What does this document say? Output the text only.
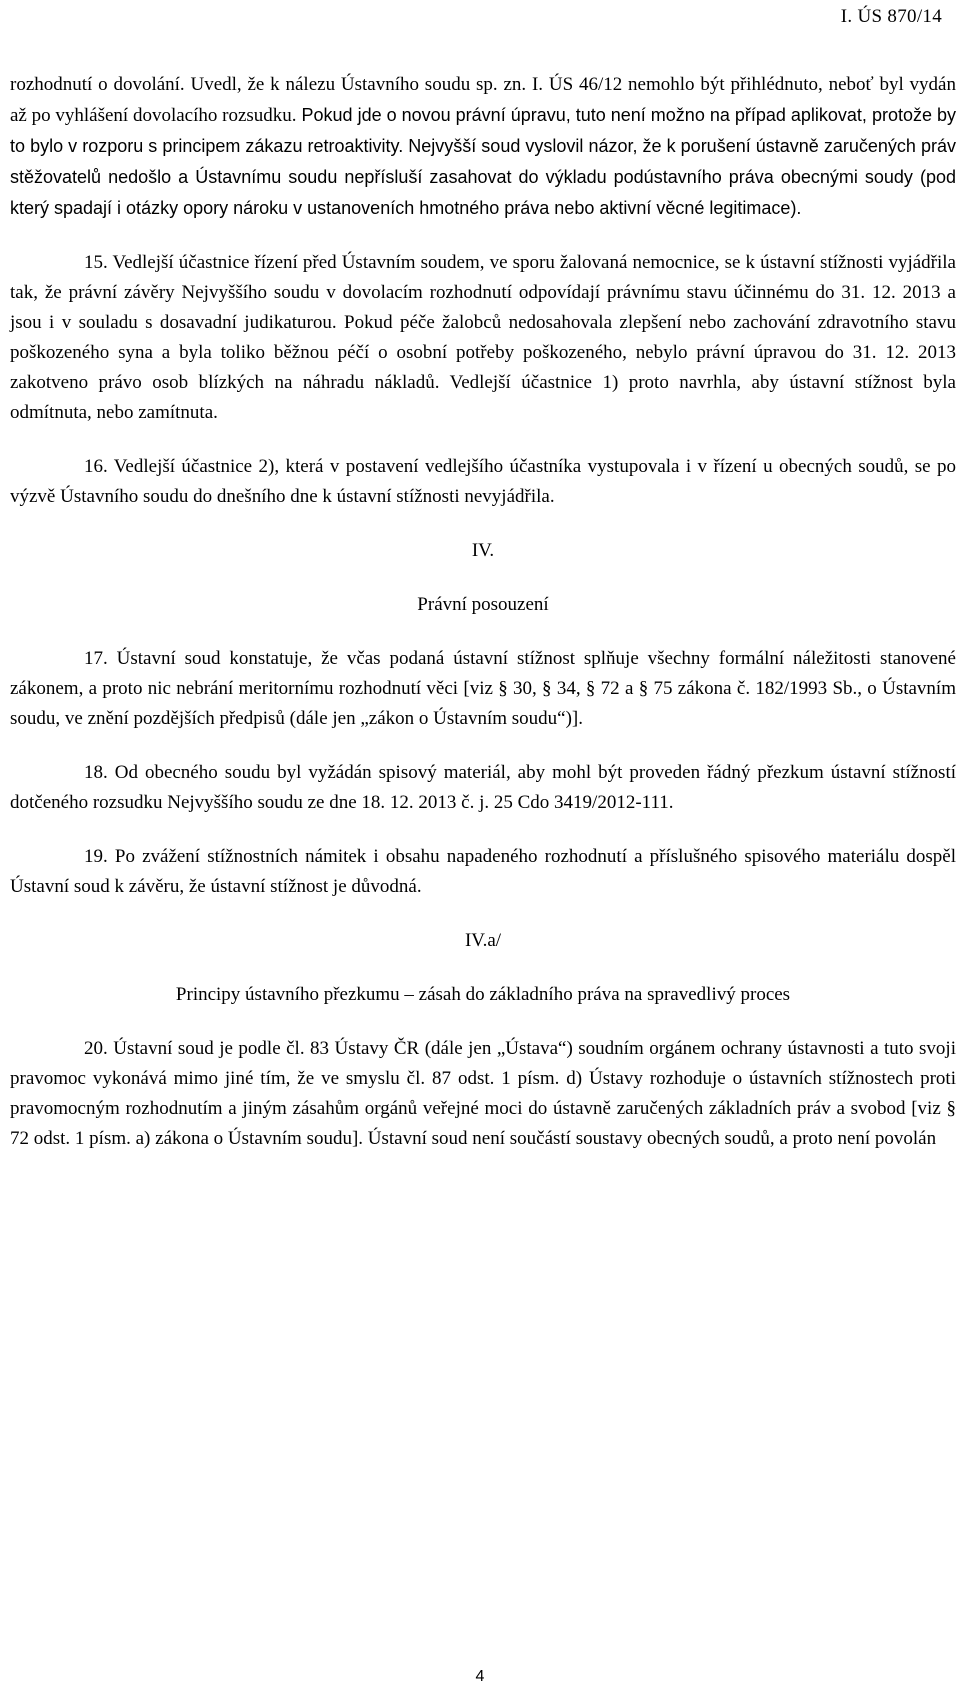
I. ÚS 870/14

rozhodnutí o dovolání. Uvedl, že k nálezu Ústavního soudu sp. zn. I. ÚS 46/12 nemohlo být přihlédnuto, neboť byl vydán až po vyhlášení dovolacího rozsudku. Pokud jde o novou právní úpravu, tuto není možno na případ aplikovat, protože by to bylo v rozporu s principem zákazu retroaktivity. Nejvyšší soud vyslovil názor, že k porušení ústavně zaručených práv stěžovatelů nedošlo a Ústavnímu soudu nepřísluší zasahovat do výkladu podústavního práva obecnými soudy (pod který spadají i otázky opory nároku v ustanoveních hmotného práva nebo aktivní věcné legitimace).

15. Vedlejší účastnice řízení před Ústavním soudem, ve sporu žalovaná nemocnice, se k ústavní stížnosti vyjádřila tak, že právní závěry Nejvyššího soudu v dovolacím rozhodnutí odpovídají právnímu stavu účinnému do 31. 12. 2013 a jsou i v souladu s dosavadní judikaturou. Pokud péče žalobců nedosahovala zlepšení nebo zachování zdravotního stavu poškozeného syna a byla toliko běžnou péčí o osobní potřeby poškozeného, nebylo právní úpravou do 31. 12. 2013 zakotveno právo osob blízkých na náhradu nákladů. Vedlejší účastnice 1) proto navrhla, aby ústavní stížnost byla odmítnuta, nebo zamítnuta.

16. Vedlejší účastnice 2), která v postavení vedlejšího účastníka vystupovala i v řízení u obecných soudů, se po výzvě Ústavního soudu do dnešního dne k ústavní stížnosti nevyjádřila.

IV.

Právní posouzení

17. Ústavní soud konstatuje, že včas podaná ústavní stížnost splňuje všechny formální náležitosti stanovené zákonem, a proto nic nebrání meritornímu rozhodnutí věci [viz § 30, § 34, § 72 a § 75 zákona č. 182/1993 Sb., o Ústavním soudu, ve znění pozdějších předpisů (dále jen „zákon o Ústavním soudu“)].

18. Od obecného soudu byl vyžádán spisový materiál, aby mohl být proveden řádný přezkum ústavní stížností dotčeného rozsudku Nejvyššího soudu ze dne 18. 12. 2013 č. j. 25 Cdo 3419/2012-111.

19. Po zvážení stížnostních námitek i obsahu napadeného rozhodnutí a příslušného spisového materiálu dospěl Ústavní soud k závěru, že ústavní stížnost je důvodná.

IV.a/

Principy ústavního přezkumu – zásah do základního práva na spravedlivý proces

20. Ústavní soud je podle čl. 83 Ústavy ČR (dále jen „Ústava“) soudním orgánem ochrany ústavnosti a tuto svoji pravomoc vykonává mimo jiné tím, že ve smyslu čl. 87 odst. 1 písm. d) Ústavy rozhoduje o ústavních stížnostech proti pravomocným rozhodnutím a jiným zásahům orgánů veřejné moci do ústavně zaručených základních práv a svobod [viz § 72 odst. 1 písm. a) zákona o Ústavním soudu]. Ústavní soud není součástí soustavy obecných soudů, a proto není povolán

4
